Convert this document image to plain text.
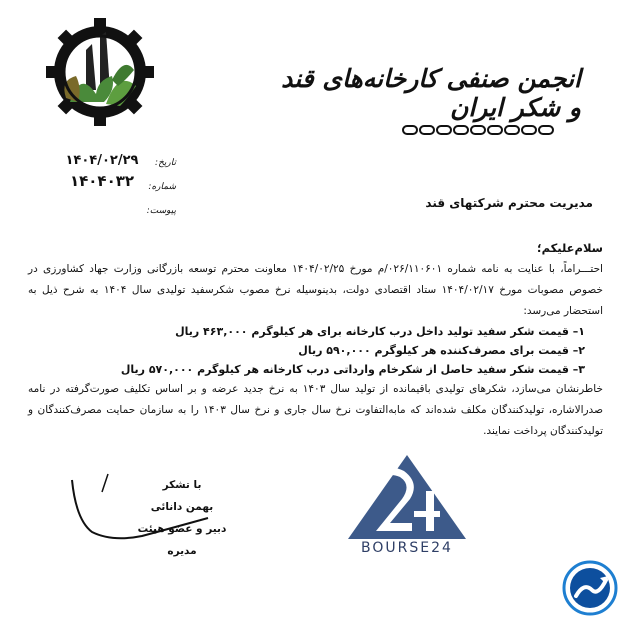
انجمن صنفی کارخانه‌های قند و شکر ایران
تاریخ:
شماره:
پیوست:
۱۴۰۴/۰۲/۲۹
۱۴۰۴۰۳۲
مدیریت محترم شرکتهای قند
سلام‌علیکم؛

احتـــراماً، با عنایت به نامه شماره ۰۲۶/۱۱۰۶۰۱/م مورخ ۱۴۰۴/۰۲/۲۵ معاونت محترم توسعه بازرگانی وزارت جهاد کشاورزی در خصوص مصوبات مورخ ۱۴۰۴/۰۲/۱۷ ستاد اقتصادی دولت، بدینوسیله نرخ مصوب شکرسفید تولیدی سال ۱۴۰۴ به شرح ذیل به استحضار می‌رسد:

۱– قیمت شکر سفید تولید داخل درب کارخانه برای هر کیلوگرم ۴۶۳,۰۰۰ ریال
۲– قیمت برای مصرف‌کننده هر کیلوگرم ۵۹۰,۰۰۰ ریال
۳– قیمت شکر سفید حاصل از شکرخام وارداتی درب کارخانه هر کیلوگرم ۵۷۰,۰۰۰ ریال

خاطرنشان می‌سازد، شکرهای تولیدی باقیمانده از تولید سال ۱۴۰۳ به نرخ جدید عرضه و بر اساس تکلیف صورت‌گرفته در نامه صدرالاشاره، تولیدکنندگان مکلف شده‌اند که مابه‌التفاوت نرخ سال جاری و نرخ سال ۱۴۰۳ را به سازمان حمایت مصرف‌کنندگان و تولیدکنندگان پرداخت نمایند.

با تشکر
بهمن دانائی
دبیر و عضو هیئت مدیره	BOURSE24
